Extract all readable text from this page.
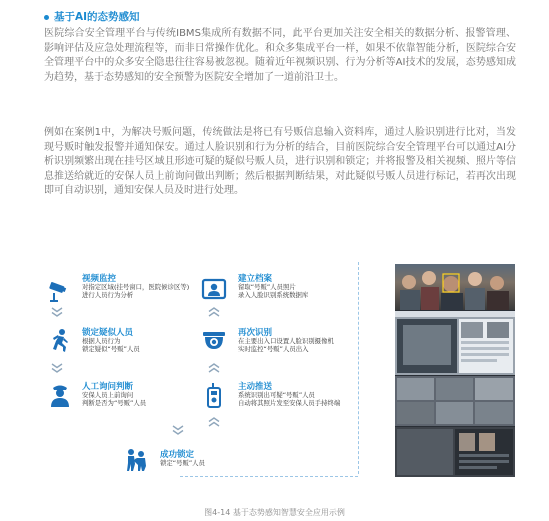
基于AI的态势感知
医院综合安全管理平台与传统IBMS集成所有数据不同，此平台更加关注安全相关的数据分析、报警管理、影响评估及应急处理流程等，而非日常操作优化。和众多集成平台一样，如果不依靠智能分析，医院综合安全管理平台中的众多安全隐患往往容易被忽视。随着近年视频识别、行为分析等AI技术的发展，态势感知成为趋势，基于态势感知的安全预警为医院安全增加了一道前沿卫士。
例如在案例1中，为解决号贩问题，传统做法是将已有号贩信息输入资料库，通过人脸识别进行比对，当发现号贩时触发报警并通知保安。通过人脸识别和行为分析的结合，目前医院综合安全管理平台可以通过AI分析识别频繁出现在挂号区域且形迹可疑的疑似号贩人员，进行识别和锁定；并将报警及相关视频、照片等信息推送给就近的安保人员上前询问做出判断；然后根据判断结果，对此疑似号贩人员进行标记，若再次出现即可自动识别，通知安保人员及时进行处理。
视频监控
对指定区域(挂号窗口，医院候诊区等)
进行人员行为分析
锁定疑似人员
根据人员行为
锁定疑似“号贩”人员
人工询问判断
安保人员上前询问
判断是否为“号贩”人员
成功锁定
锁定“号贩”人员
建立档案
留取“号贩”人员照片
录入人脸识别系统数据库
再次识别
在主要出入口设置人脸识别摄像机
实时监控“号贩”人员出入
主动推送
系统识别出可疑“号贩”人员
自动将其照片发至安保人员手持终端
图4-14 基于态势感知智慧安全应用示例
